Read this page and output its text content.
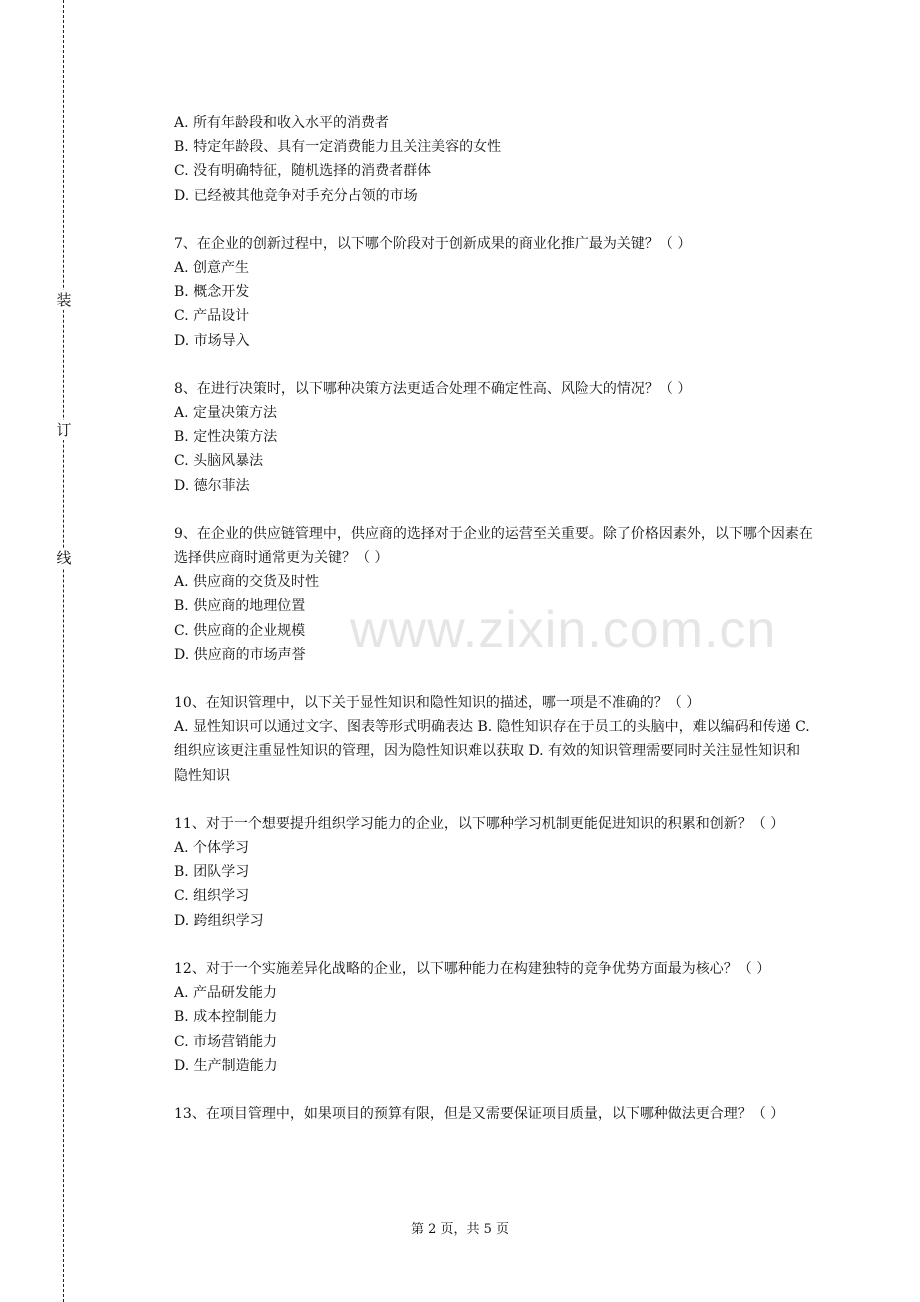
装
订
线
www.zixin.com.cn
A. 所有年龄段和收入水平的消费者
B. 特定年龄段、具有一定消费能力且关注美容的女性
C. 没有明确特征，随机选择的消费者群体
D. 已经被其他竞争对手充分占领的市场
7、在企业的创新过程中，以下哪个阶段对于创新成果的商业化推广最为关键？（ ）
A. 创意产生
B. 概念开发
C. 产品设计
D. 市场导入
8、在进行决策时，以下哪种决策方法更适合处理不确定性高、风险大的情况？（ ）
A. 定量决策方法
B. 定性决策方法
C. 头脑风暴法
D. 德尔菲法
9、在企业的供应链管理中，供应商的选择对于企业的运营至关重要。除了价格因素外，以下哪个因素在选择供应商时通常更为关键？（ ）
A. 供应商的交货及时性
B. 供应商的地理位置
C. 供应商的企业规模
D. 供应商的市场声誉
10、在知识管理中，以下关于显性知识和隐性知识的描述，哪一项是不准确的？（ ）
A. 显性知识可以通过文字、图表等形式明确表达 B. 隐性知识存在于员工的头脑中，难以编码和传递 C. 组织应该更注重显性知识的管理，因为隐性知识难以获取 D. 有效的知识管理需要同时关注显性知识和隐性知识
11、对于一个想要提升组织学习能力的企业，以下哪种学习机制更能促进知识的积累和创新？（ ）
A. 个体学习
B. 团队学习
C. 组织学习
D. 跨组织学习
12、对于一个实施差异化战略的企业，以下哪种能力在构建独特的竞争优势方面最为核心？（ ）
A. 产品研发能力
B. 成本控制能力
C. 市场营销能力
D. 生产制造能力
13、在项目管理中，如果项目的预算有限，但是又需要保证项目质量，以下哪种做法更合理？（ ）
第 2 页，共 5 页
